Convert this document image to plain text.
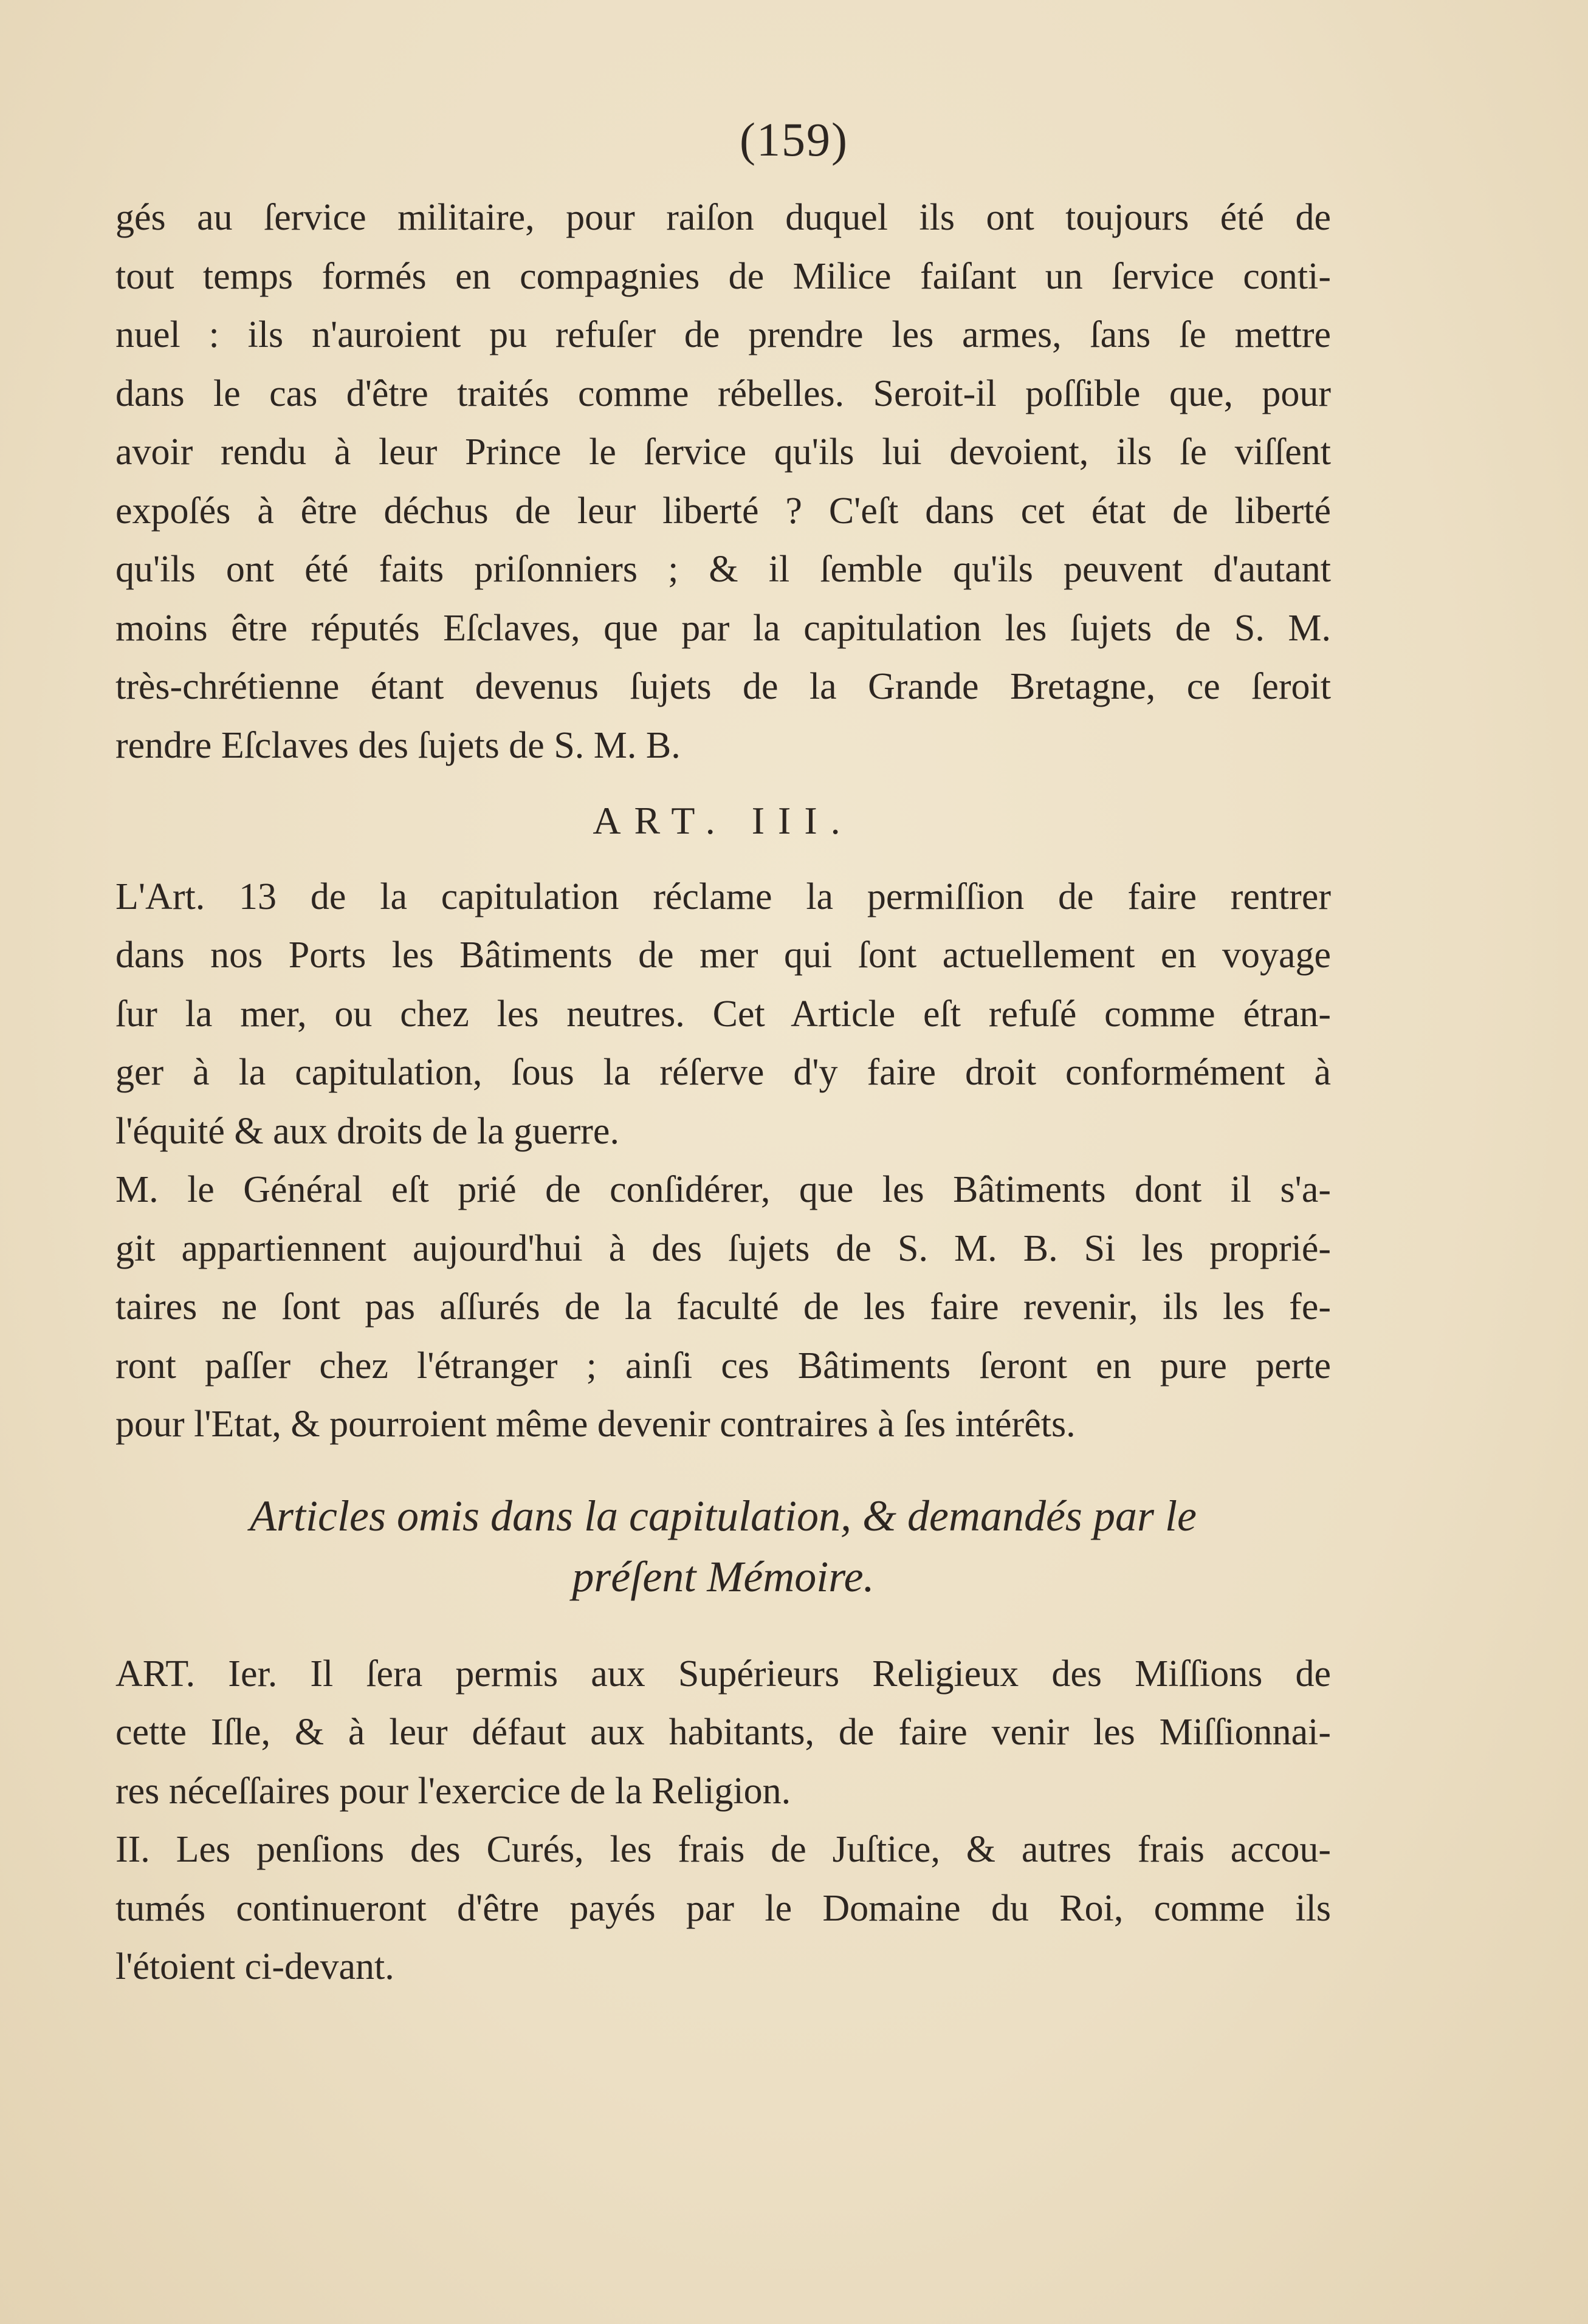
(159)
gés au ſervice militaire, pour raiſon duquel ils ont toujours été de
tout temps formés en compagnies de Milice faiſant un ſervice conti-
nuel : ils n'auroient pu refuſer de prendre les armes, ſans ſe mettre
dans le cas d'être traités comme rébelles. Seroit-il poſſible que, pour
avoir rendu à leur Prince le ſervice qu'ils lui devoient, ils ſe viſſent
expoſés à être déchus de leur liberté ? C'eſt dans cet état de liberté
qu'ils ont été faits priſonniers ; & il ſemble qu'ils peuvent d'autant
moins être réputés Eſclaves, que par la capitulation les ſujets de S. M.
très-chrétienne étant devenus ſujets de la Grande Bretagne, ce ſeroit
rendre Eſclaves des ſujets de S. M. B.
ART. III.
L'Art. 13 de la capitulation réclame la permiſſion de faire rentrer
dans nos Ports les Bâtiments de mer qui ſont actuellement en voyage
ſur la mer, ou chez les neutres. Cet Article eſt refuſé comme étran-
ger à la capitulation, ſous la réſerve d'y faire droit conformément à
l'équité & aux droits de la guerre.
M. le Général eſt prié de conſidérer, que les Bâtiments dont il s'a-
git appartiennent aujourd'hui à des ſujets de S. M. B. Si les proprié-
taires ne ſont pas aſſurés de la faculté de les faire revenir, ils les fe-
ront paſſer chez l'étranger ; ainſi ces Bâtiments ſeront en pure perte
pour l'Etat, & pourroient même devenir contraires à ſes intérêts.
Articles omis dans la capitulation, & demandés par le
préſent Mémoire.
ART. Ier. Il ſera permis aux Supérieurs Religieux des Miſſions de
cette Iſle, & à leur défaut aux habitants, de faire venir les Miſſionnai-
res néceſſaires pour l'exercice de la Religion.
II. Les penſions des Curés, les frais de Juſtice, & autres frais accou-
tumés continueront d'être payés par le Domaine du Roi, comme ils
l'étoient ci-devant.
